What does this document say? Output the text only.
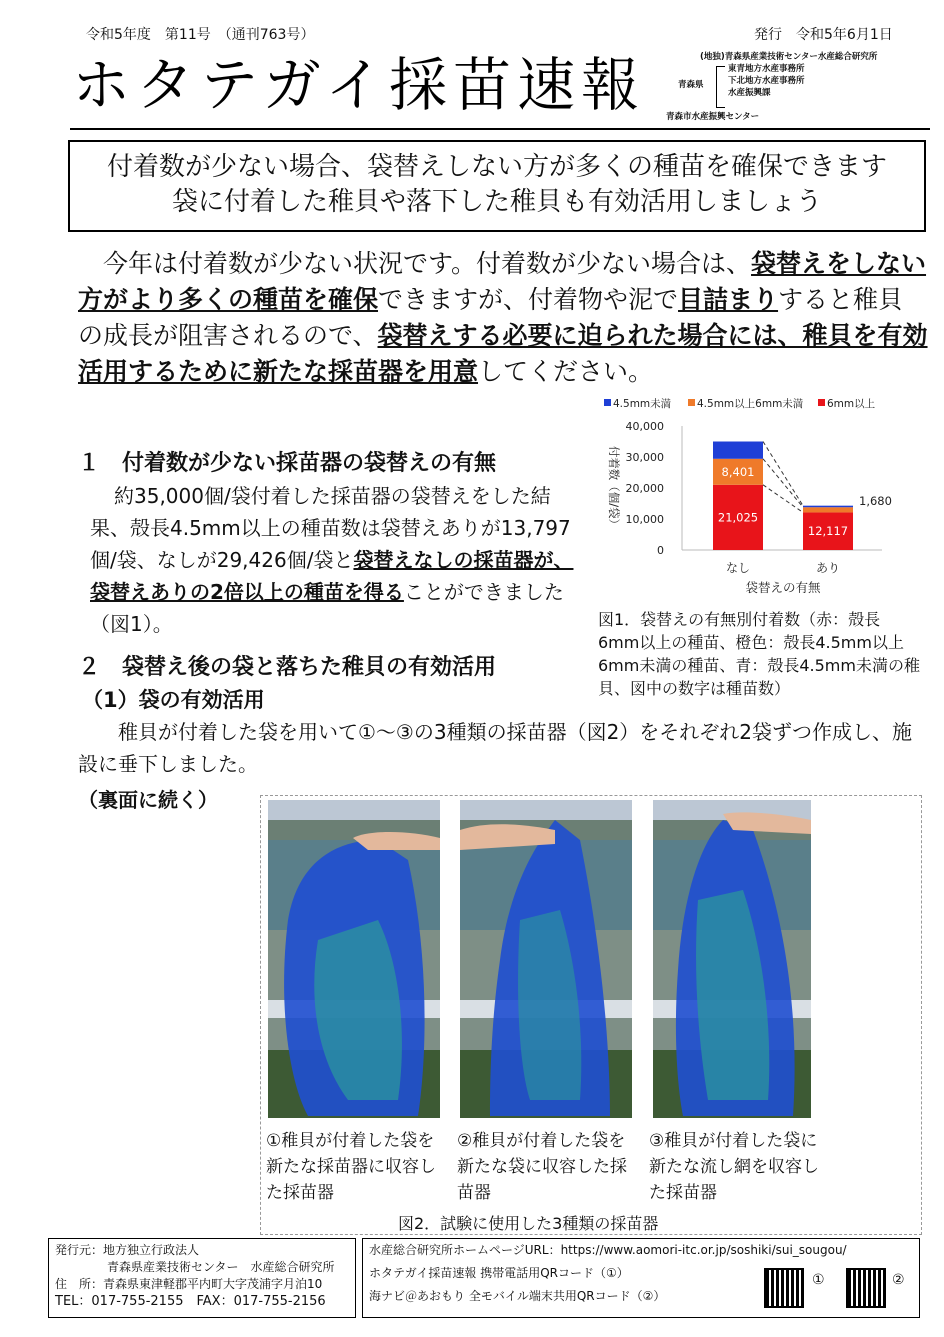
令和5年度　第11号　（通刊763号）	発行　令和5年6月1日
ホタテガイ採苗速報	(地独)青森県産業技術センター水産総合研究所
青森県
東青地方水産事務所
下北地方水産事務所
水産振興課
青森市水産振興センター
付着数が少ない場合、袋替えしない方が多くの種苗を確保できます
袋に付着した稚貝や落下した稚貝も有効活用しましょう
今年は付着数が少ない状況です。付着数が少ない場合は、袋替えをしない方がより多くの種苗を確保できますが、付着物や泥で目詰まりすると稚貝の成長が阻害されるので、袋替えする必要に迫られた場合には、稚貝を有効活用するために新たな採苗器を用意してください。
１　付着数が少ない採苗器の袋替えの有無
約35,000個/袋付着した採苗器の袋替えをした結果、殻長4.5mm以上の種苗数は袋替えありが13,797個/袋、なしが29,426個/袋と袋替えなしの採苗器が、袋替えありの2倍以上の種苗を得ることができました（図1）。
4.5mm未満 4.5mm以上6mm未満 6mm以上
0
10,000
20,000
30,000
40,000
付着数（個/袋）	21,025
8,401
なし
12,117
1,680
あり
袋替えの有無
図1．袋替えの有無別付着数（赤：殻長6mm以上の種苗、橙色：殻長4.5mm以上6mm未満の種苗、青：殻長4.5mm未満の稚貝、図中の数字は種苗数）
２　袋替え後の袋と落ちた稚貝の有効活用
（1）袋の有効活用
稚貝が付着した袋を用いて①～③の3種類の採苗器（図2）をそれぞれ2袋ずつ作成し、施設に垂下しました。
（裏面に続く）
①稚貝が付着した袋を新たな採苗器に収容した採苗器
②稚貝が付着した袋を新たな袋に収容した採苗器
③稚貝が付着した袋に新たな流し網を収容した採苗器
図2．試験に使用した3種類の採苗器
発行元：地方独立行政法人
青森県産業技術センター　水産総合研究所
住　所：青森県東津軽郡平内町大字茂浦字月泊10
TEL：017-755-2155　FAX：017-755-2156
水産総合研究所ホームページURL：https://www.aomori-itc.or.jp/soshiki/sui_sougou/
ホタテガイ採苗速報 携帯電話用QRコード（①）
海ナビ＠あおもり 全モバイル端末共用QRコード（②）
①	②
